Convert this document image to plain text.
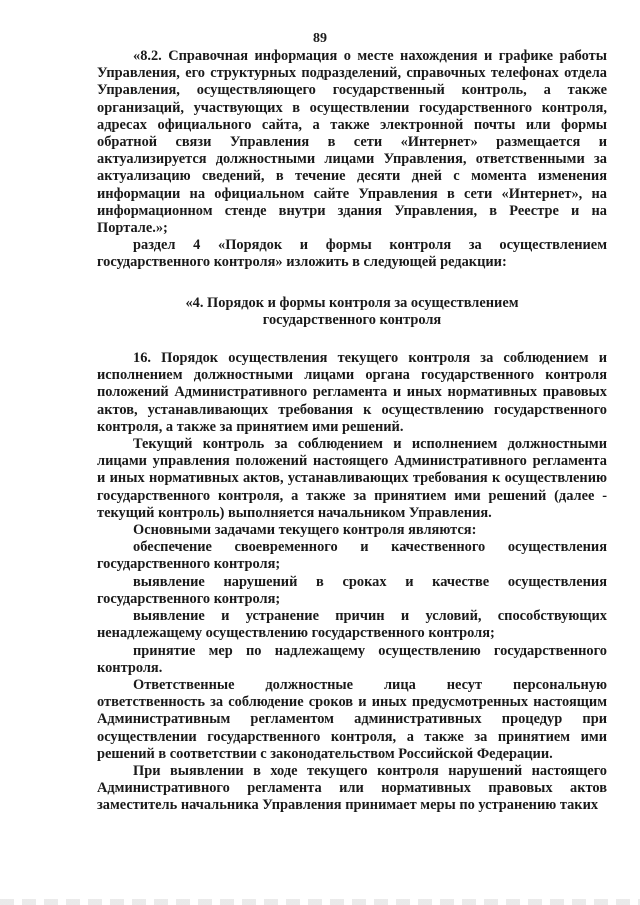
89

«8.2. Справочная информация о месте нахождения и графике работы Управления, его структурных подразделений, справочных телефонах отдела Управления, осуществляющего государственный контроль, а также организаций, участвующих в осуществлении государственного контроля, адресах официального сайта, а также электронной почты или формы обратной связи Управления в сети «Интернет» размещается и актуализируется должностными лицами Управления, ответственными за актуализацию сведений, в течение десяти дней с момента изменения информации на официальном сайте Управления в сети «Интернет», на информационном стенде внутри здания Управления, в Реестре и на Портале.»;

раздел 4 «Порядок и формы контроля за осуществлением государственного контроля» изложить в следующей редакции:

«4. Порядок и формы контроля за осуществлением
государственного контроля

16. Порядок осуществления текущего контроля за соблюдением и исполнением должностными лицами органа государственного контроля положений Административного регламента и иных нормативных правовых актов, устанавливающих требования к осуществлению государственного контроля, а также за принятием ими решений.

Текущий контроль за соблюдением и исполнением должностными лицами управления положений настоящего Административного регламента и иных нормативных актов, устанавливающих требования к осуществлению государственного контроля, а также за принятием ими решений (далее - текущий контроль) выполняется начальником Управления.

Основными задачами текущего контроля являются:

обеспечение своевременного и качественного осуществления государственного контроля;

выявление нарушений в сроках и качестве осуществления государственного контроля;

выявление и устранение причин и условий, способствующих ненадлежащему осуществлению государственного контроля;

принятие мер по надлежащему осуществлению государственного контроля.

Ответственные должностные лица несут персональную ответственность за соблюдение сроков и иных предусмотренных настоящим Административным регламентом административных процедур при осуществлении государственного контроля, а также за принятием ими решений в соответствии с законодательством Российской Федерации.

При выявлении в ходе текущего контроля нарушений настоящего Административного регламента или нормативных правовых актов заместитель начальника Управления принимает меры по устранению таких
